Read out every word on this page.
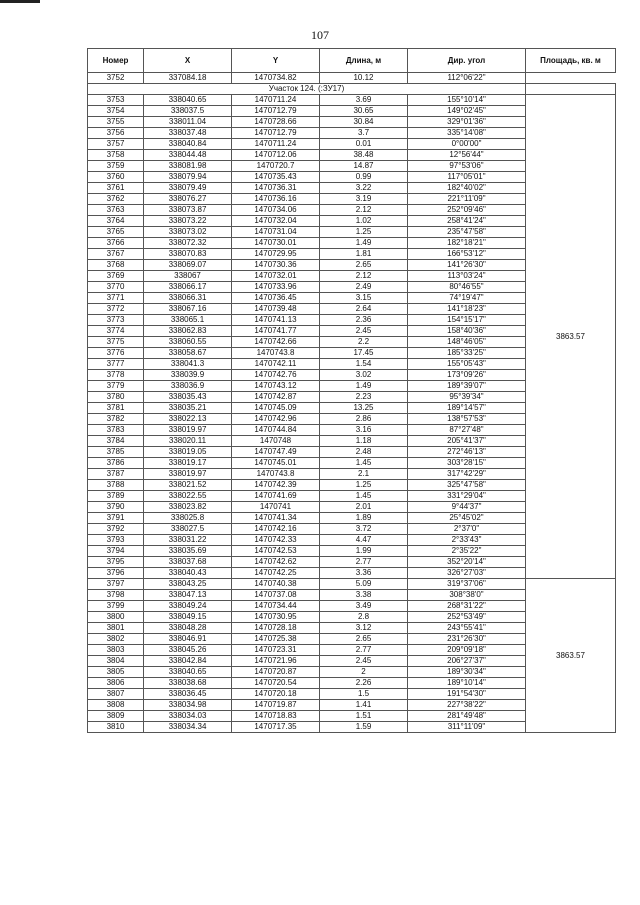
107
Номер	X	Y	Длина, м	Дир. угол	Площадь, кв. м
3752	337084.18	1470734.82	10.12	112°06'22"	
Участок 124. (:ЗУ17)					
3753	338040.65	1470711.24	3.69	155°10'14"	3863.57
3754	338037.5	1470712.79	30.65	149°02'45"	
3755	338011.04	1470728.66	30.84	329°01'36"	
3756	338037.48	1470712.79	3.7	335°14'08"	
3757	338040.84	1470711.24	0.01	0°00'00"	
3758	338044.48	1470712.06	38.48	12°56'44"	
3759	338081.98	1470720.7	14.87	97°53'06"	
3760	338079.94	1470735.43	0.99	117°05'01"	
3761	338079.49	1470736.31	3.22	182°40'02"	
3762	338076.27	1470736.16	3.19	221°11'09"	
3763	338073.87	1470734.06	2.12	252°09'46"	
3764	338073.22	1470732.04	1.02	258°41'24"	
3765	338073.02	1470731.04	1.25	235°47'58"	
3766	338072.32	1470730.01	1.49	182°18'21"	
3767	338070.83	1470729.95	1.81	166°53'12"	
3768	338069.07	1470730.36	2.65	141°26'30"	
3769	338067	1470732.01	2.12	113°03'24"	
3770	338066.17	1470733.96	2.49	80°46'55"	
3771	338066.31	1470736.45	3.15	74°19'47"	
3772	338067.16	1470739.48	2.64	141°18'23"	
3773	338065.1	1470741.13	2.36	154°15'17"	
3774	338062.83	1470741.77	2.45	158°40'36"	
3775	338060.55	1470742.66	2.2	148°46'05"	
3776	338058.67	1470743.8	17.45	185°33'25"	
3777	338041.3	1470742.11	1.54	155°05'43"	
3778	338039.9	1470742.76	3.02	173°09'26"	
3779	338036.9	1470743.12	1.49	189°39'07"	
3780	338035.43	1470742.87	2.23	95°39'34"	
3781	338035.21	1470745.09	13.25	189°14'57"	
3782	338022.13	1470742.96	2.86	138°57'53"	
3783	338019.97	1470744.84	3.16	87°27'48"	
3784	338020.11	1470748	1.18	205°41'37"	
3785	338019.05	1470747.49	2.48	272°46'13"	
3786	338019.17	1470745.01	1.45	303°28'15"	
3787	338019.97	1470743.8	2.1	317°42'29"	
3788	338021.52	1470742.39	1.25	325°47'58"	
3789	338022.55	1470741.69	1.45	331°29'04"	
3790	338023.82	1470741	2.01	9°44'37"	
3791	338025.8	1470741.34	1.89	25°45'02"	
3792	338027.5	1470742.16	3.72	2°37'0"	
3793	338031.22	1470742.33	4.47	2°33'43"	
3794	338035.69	1470742.53	1.99	2°35'22"	
3795	338037.68	1470742.62	2.77	352°20'14"	
3796	338040.43	1470742.25	3.36	326°27'03"	
3797	338043.25	1470740.38	5.09	319°37'06"	3863.57
3798	338047.13	1470737.08	3.38	308°38'0"	
3799	338049.24	1470734.44	3.49	268°31'22"	
3800	338049.15	1470730.95	2.8	252°53'49"	
3801	338048.28	1470728.18	3.12	243°55'41"	
3802	338046.91	1470725.38	2.65	231°26'30"	
3803	338045.26	1470723.31	2.77	209°09'18"	
3804	338042.84	1470721.96	2.45	206°27'37"	
3805	338040.65	1470720.87	2	189°30'34"	
3806	338038.68	1470720.54	2.26	189°10'14"	
3807	338036.45	1470720.18	1.5	191°54'30"	
3808	338034.98	1470719.87	1.41	227°38'22"	
3809	338034.03	1470718.83	1.51	281°49'48"	
3810	338034.34	1470717.35	1.59	311°11'09"	
